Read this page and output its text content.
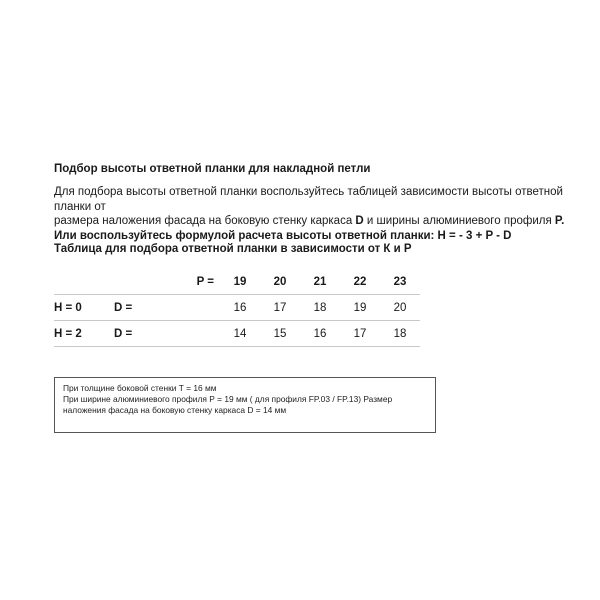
Подбор высоты ответной планки для накладной петли
Для подбора высоты ответной планки воспользуйтесь таблицей зависимости высоты ответной планки от
размера наложения фасада на боковую стенку каркаса D и ширины алюминиевого профиля P.
Или воспользуйтесь формулой расчета высоты ответной планки: H = - 3 + P - D
Таблица для подбора ответной планки в зависимости от К и Р
	P =	19	20	21	22	23
H = 0	D =	16	17	18	19	20
H = 2	D =	14	15	16	17	18
При толщине боковой стенки Т = 16 мм
При ширине алюминиевого профиля Р = 19 мм ( для профиля FP.03 / FP.13) Размер
наложения фасада на боковую стенку каркаса D = 14 мм
